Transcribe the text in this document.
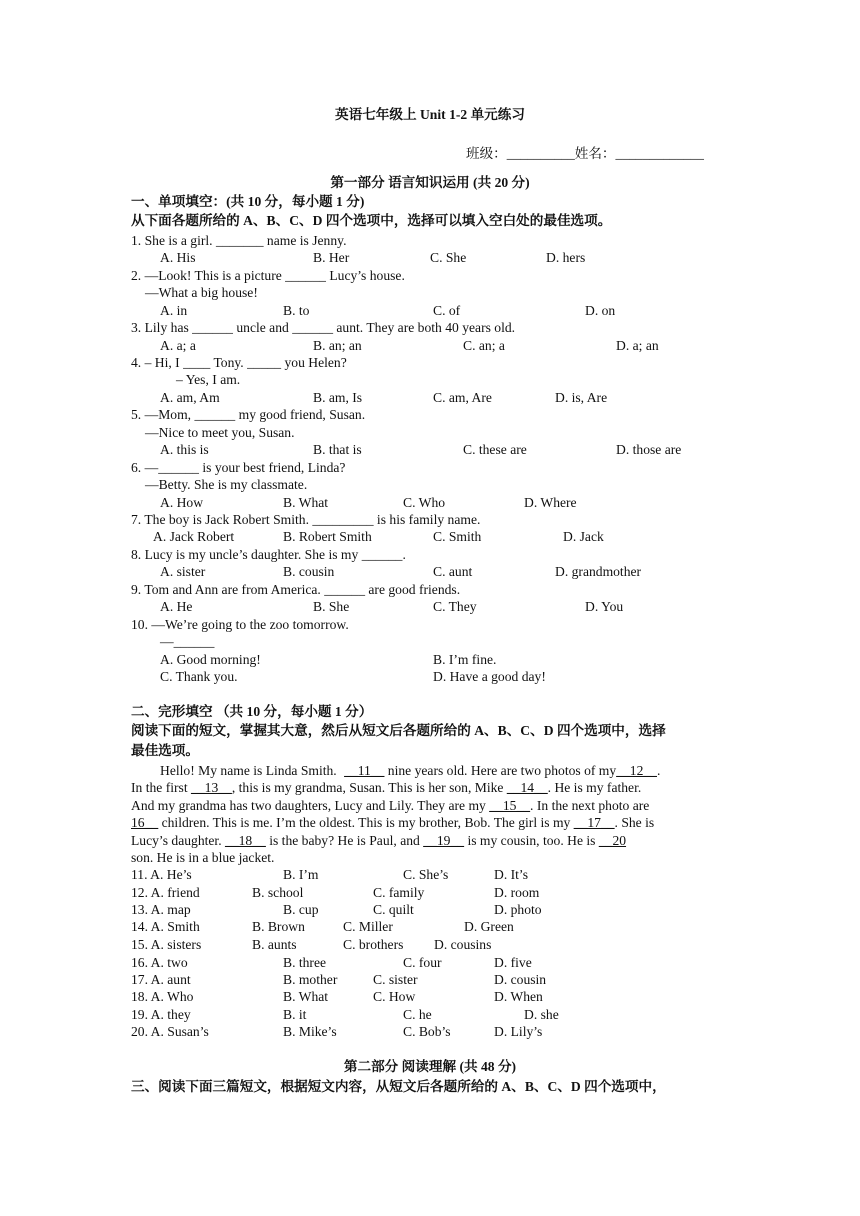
英语七年级上 Unit 1-2 单元练习
班级：__________姓名：_____________
第一部分 语言知识运用 (共 20 分)
一、单项填空：(共 10 分，每小题 1 分)
从下面各题所给的 A、B、C、D 四个选项中，选择可以填入空白处的最佳选项。
1. She is a girl. _______ name is Jenny.
A. His	B. Her	C. She	D. hers
2. —Look! This is a picture ______ Lucy’s house.
—What a big house!
A. in	B. to	C. of	D. on
3. Lily has ______ uncle and ______ aunt. They are both 40 years old.
A. a; a	B. an; an	C. an; a	D. a; an
4. – Hi, I ____ Tony. _____ you Helen?
– Yes, I am.
A. am, Am	B. am, Is	C. am, Are	D. is, Are
5. —Mom, ______ my good friend, Susan.
—Nice to meet you, Susan.
A. this is	B. that is	C. these are	D. those are
6. —______ is your best friend, Linda?
—Betty. She is my classmate.
A. How	B. What	C. Who	D. Where
7. The boy is Jack Robert Smith. _________ is his family name.
A. Jack Robert	B. Robert Smith	C. Smith	D. Jack
8. Lucy is my uncle’s daughter. She is my ______.
A. sister	B. cousin	C. aunt	D. grandmother
9. Tom and Ann are from America. ______ are good friends.
A. He	B. She	C. They	D. You
10. —We’re going to the zoo tomorrow.
—______
A. Good morning!	B. I’m fine.
C. Thank you.	D. Have a good day!
二、完形填空 （共 10 分，每小题 1 分）
阅读下面的短文，掌握其大意，然后从短文后各题所给的 A、B、C、D 四个选项中，选择
最佳选项。
Hello! My name is Linda Smith. __11__ nine years old. Here are two photos of my__12__.
In the first __13__, this is my grandma, Susan. This is her son, Mike __14__. He is my father.
And my grandma has two daughters, Lucy and Lily. They are my __15__. In the next photo are
16__ children. This is me. I’m the oldest. This is my brother, Bob. The girl is my __17__. She is
Lucy’s daughter. __18__ is the baby? He is Paul, and __19__ is my cousin, too. He is __20
son. He is in a blue jacket.
11. A. He’s	B. I’m	C. She’s	D. It’s
12. A. friend	B. school	C. family	D. room
13. A. map	B. cup	C. quilt	D. photo
14. A. Smith	B. Brown	C. Miller	D. Green
15. A. sisters	B. aunts	C. brothers D. cousins
16. A. two	B. three	C. four	D. five
17. A. aunt	B. mother	C. sister	D. cousin
18. A. Who	B. What	C. How	D. When
19. A. they	B. it	C. he	D. she
20. A. Susan’s	B. Mike’s	C. Bob’s	D. Lily’s
第二部分 阅读理解 (共 48 分)
三、阅读下面三篇短文，根据短文内容，从短文后各题所给的 A、B、C、D 四个选项中，
